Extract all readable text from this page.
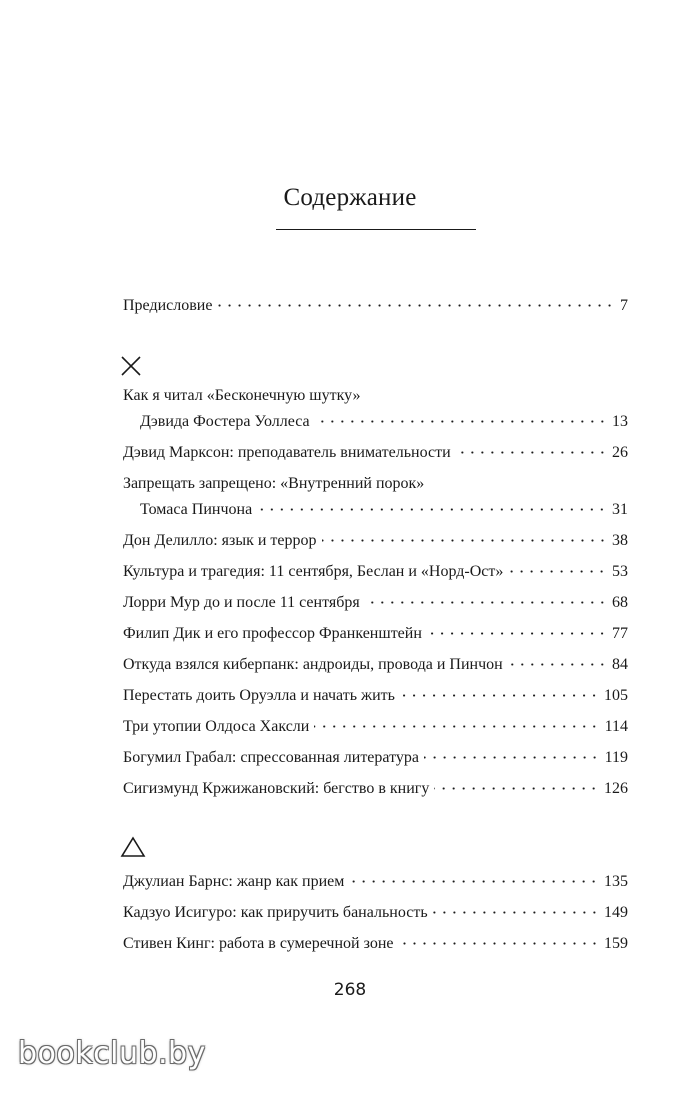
Содержание
Предисловие	7
Как я читал «Бесконечную шутку»
Дэвида Фостера Уоллеса	13
Дэвид Марксон: преподаватель внимательности	26
Запрещать запрещено: «Внутренний порок»
Томаса Пинчона	31
Дон Делилло: язык и террор	38
Культура и трагедия: 11 сентября, Беслан и «Норд-Ост»	53
Лорри Мур до и после 11 сентября	68
Филип Дик и его профессор Франкенштейн	77
Откуда взялся киберпанк: андроиды, провода и Пинчон	84
Перестать доить Оруэлла и начать жить	105
Три утопии Олдоса Хаксли	114
Богумил Грабал: спрессованная литература	119
Сигизмунд Кржижановский: бегство в книгу	126
Джулиан Барнс: жанр как прием	135
Кадзуо Исигуро: как приручить банальность	149
Стивен Кинг: работа в сумеречной зоне	159
268
bookclub.by
